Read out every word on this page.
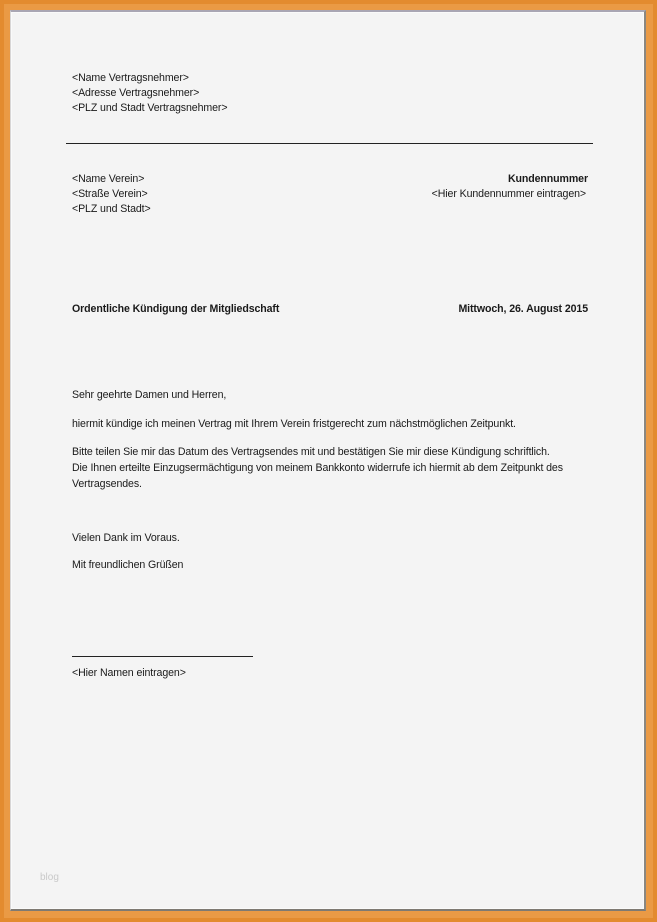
<Name Vertragsnehmer>
<Adresse Vertragsnehmer>
<PLZ und Stadt Vertragsnehmer>
<Name Verein>
<Straße Verein>
<PLZ und Stadt>
Kundennummer
<Hier Kundennummer eintragen>
Ordentliche Kündigung der Mitgliedschaft	Mittwoch, 26. August 2015
Sehr geehrte Damen und Herren,
hiermit kündige ich meinen Vertrag mit Ihrem Verein fristgerecht zum nächstmöglichen Zeitpunkt.
Bitte teilen Sie mir das Datum des Vertragsendes mit und bestätigen Sie mir diese Kündigung schriftlich.
Die Ihnen erteilte Einzugsermächtigung von meinem Bankkonto widerrufe ich hiermit ab dem Zeitpunkt des
Vertragsendes.
Vielen Dank im Voraus.
Mit freundlichen Grüßen
<Hier Namen eintragen>
blog
